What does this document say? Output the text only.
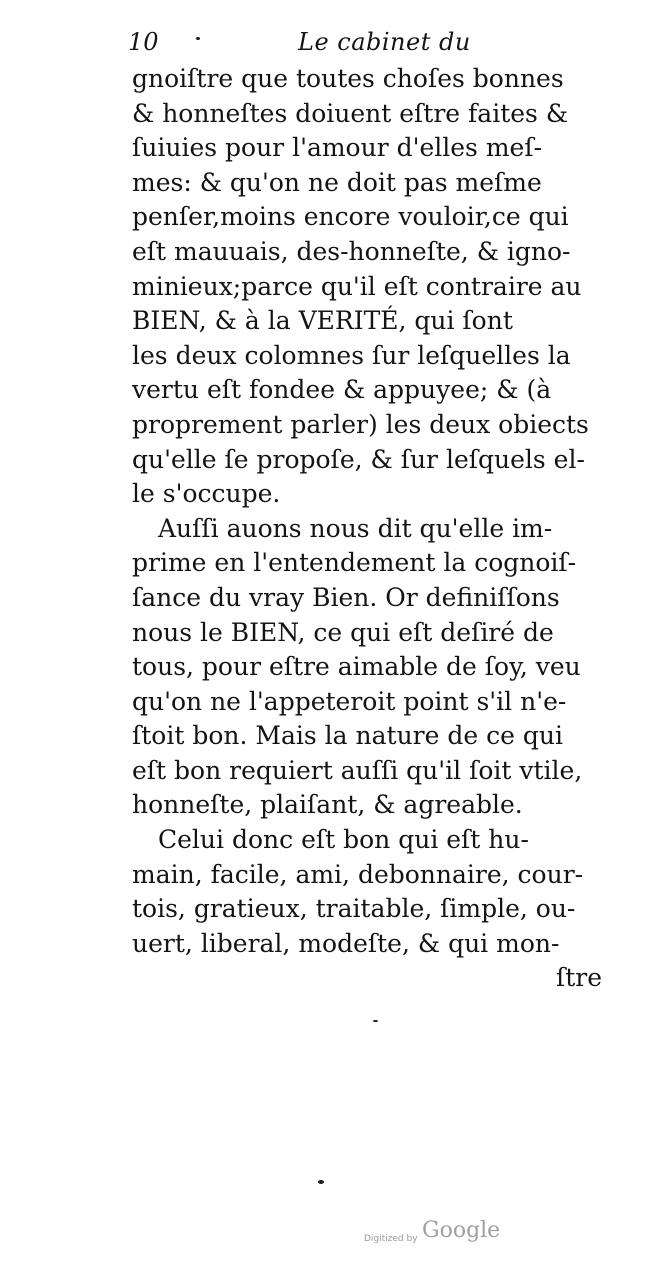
10	Le cabinet du
gnoiſtre que toutes choſes bonnes
& honneſtes doiuent eſtre faites &
ſuiuies pour l'amour d'elles meſ-
mes: & qu'on ne doit pas meſme
penſer,moins encore vouloir,ce qui
eſt mauuais, des-honneſte, & igno-
minieux;parce qu'il eſt contraire au
BIEN, & à la VERITÉ, qui ſont
les deux colomnes ſur leſquelles la
vertu eſt fondee & appuyee; & (à
proprement parler) les deux obiects
qu'elle ſe propoſe, & ſur leſquels el-
le s'occupe.
Auſſi auons nous dit qu'elle im-
prime en l'entendement la cognoiſ-
ſance du vray Bien. Or definiſſons
nous le BIEN, ce qui eſt deſiré de
tous, pour eſtre aimable de ſoy, veu
qu'on ne l'appeteroit point s'il n'e-
ſtoit bon. Mais la nature de ce qui
eſt bon requiert auſſi qu'il ſoit vtile,
honneſte, plaiſant, & agreable.
Celui donc eſt bon qui eſt hu-
main, facile, ami, debonnaire, cour-
tois, gratieux, traitable, ſimple, ou-
uert, liberal, modeſte, & qui mon-
ſtre
Digitized by Google
